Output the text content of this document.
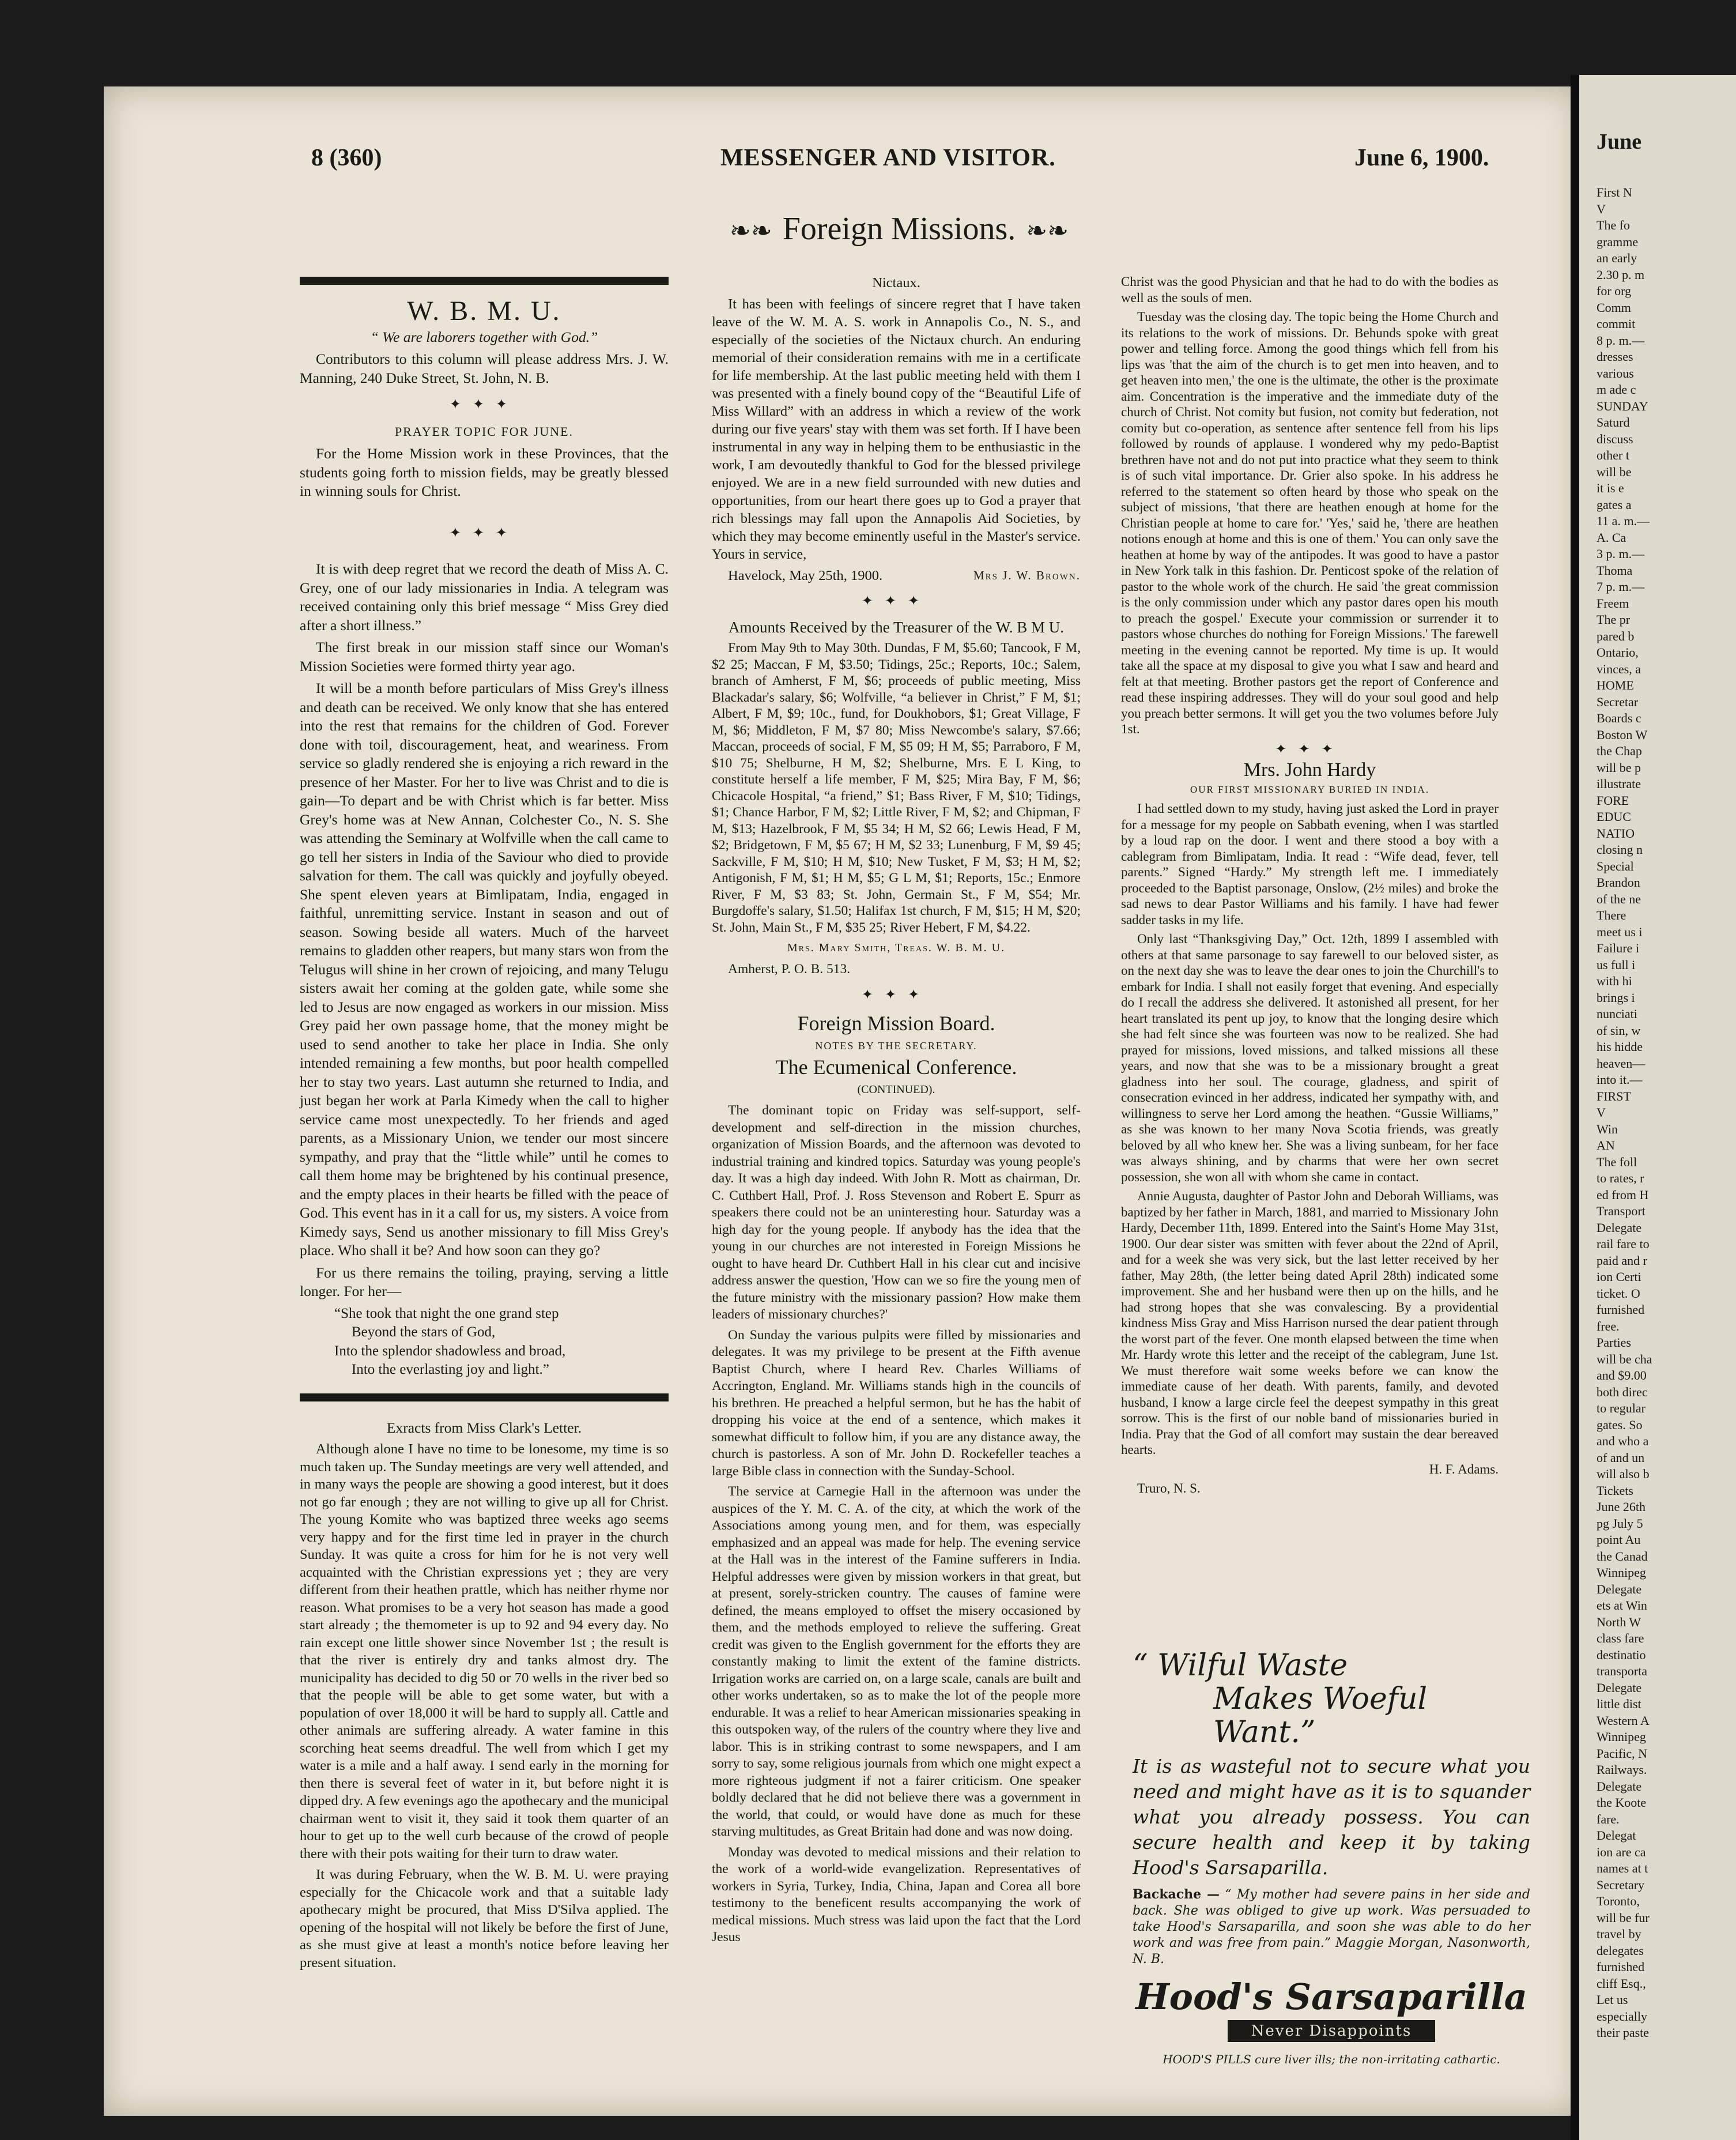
8 (360)	MESSENGER AND VISITOR.	June 6, 1900.
❧❧ Foreign Missions. ❧❧
W. B. M. U.

“ We are laborers together with God.”

Contributors to this column will please address Mrs. J. W. Manning, 240 Duke Street, St. John, N. B.

✦✦✦

PRAYER TOPIC FOR JUNE.

For the Home Mission work in these Provinces, that the students going forth to mission fields, may be greatly blessed in winning souls for Christ.

✦✦✦

It is with deep regret that we record the death of Miss A. C. Grey, one of our lady missionaries in India. A telegram was received containing only this brief message “ Miss Grey died after a short illness.”

The first break in our mission staff since our Woman's Mission Societies were formed thirty year ago.

It will be a month before particulars of Miss Grey's illness and death can be received. We only know that she has entered into the rest that remains for the children of God. Forever done with toil, discouragement, heat, and weariness. From service so gladly rendered she is enjoying a rich reward in the presence of her Master. For her to live was Christ and to die is gain—To depart and be with Christ which is far better. Miss Grey's home was at New Annan, Colchester Co., N. S. She was attending the Seminary at Wolfville when the call came to go tell her sisters in India of the Saviour who died to provide salvation for them. The call was quickly and joyfully obeyed. She spent eleven years at Bimlipatam, India, engaged in faithful, unremitting service. Instant in season and out of season. Sowing beside all waters. Much of the harveet remains to gladden other reapers, but many stars won from the Telugus will shine in her crown of rejoicing, and many Telugu sisters await her coming at the golden gate, while some she led to Jesus are now engaged as workers in our mission. Miss Grey paid her own passage home, that the money might be used to send another to take her place in India. She only intended remaining a few months, but poor health compelled her to stay two years. Last autumn she returned to India, and just began her work at Parla Kimedy when the call to higher service came most unexpectedly. To her friends and aged parents, as a Missionary Union, we tender our most sincere sympathy, and pray that the “little while” until he comes to call them home may be brightened by his continual presence, and the empty places in their hearts be filled with the peace of God. This event has in it a call for us, my sisters. A voice from Kimedy says, Send us another missionary to fill Miss Grey's place. Who shall it be? And how soon can they go?

For us there remains the toiling, praying, serving a little longer. For her—

“She took that night the one grand step
Beyond the stars of God,
Into the splendor shadowless and broad,
Into the everlasting joy and light.”

Exracts from Miss Clark's Letter.

Although alone I have no time to be lonesome, my time is so much taken up. The Sunday meetings are very well attended, and in many ways the people are showing a good interest, but it does not go far enough ; they are not willing to give up all for Christ. The young Komite who was baptized three weeks ago seems very happy and for the first time led in prayer in the church Sunday. It was quite a cross for him for he is not very well acquainted with the Christian expressions yet ; they are very different from their heathen prattle, which has neither rhyme nor reason. What promises to be a very hot season has made a good start already ; the themometer is up to 92 and 94 every day. No rain except one little shower since November 1st ; the result is that the river is entirely dry and tanks almost dry. The municipality has decided to dig 50 or 70 wells in the river bed so that the people will be able to get some water, but with a population of over 18,000 it will be hard to supply all. Cattle and other animals are suffering already. A water famine in this scorching heat seems dreadful. The well from which I get my water is a mile and a half away. I send early in the morning for then there is several feet of water in it, but before night it is dipped dry. A few evenings ago the apothecary and the municipal chairman went to visit it, they said it took them quarter of an hour to get up to the well curb because of the crowd of people there with their pots waiting for their turn to draw water.

It was during February, when the W. B. M. U. were praying especially for the Chicacole work and that a suitable lady apothecary might be procured, that Miss D'Silva applied. The opening of the hospital will not likely be before the first of June, as she must give at least a month's notice before leaving her present situation.

Nictaux.

It has been with feelings of sincere regret that I have taken leave of the W. M. A. S. work in Annapolis Co., N. S., and especially of the societies of the Nictaux church. An enduring memorial of their consideration remains with me in a certificate for life membership. At the last public meeting held with them I was presented with a finely bound copy of the “Beautiful Life of Miss Willard” with an address in which a review of the work during our five years' stay with them was set forth. If I have been instrumental in any way in helping them to be enthusiastic in the work, I am devoutedly thankful to God for the blessed privilege enjoyed. We are in a new field surrounded with new duties and opportunities, from our heart there goes up to God a prayer that rich blessings may fall upon the Annapolis Aid Societies, by which they may become eminently useful in the Master's service. Yours in service,

Havelock, May 25th, 1900.	Mrs J. W. Brown.
✦✦✦

Amounts Received by the Treasurer of the W. B M U.

From May 9th to May 30th. Dundas, F M, $5.60; Tancook, F M, $2 25; Maccan, F M, $3.50; Tidings, 25c.; Reports, 10c.; Salem, branch of Amherst, F M, $6; proceeds of public meeting, Miss Blackadar's salary, $6; Wolfville, “a believer in Christ,” F M, $1; Albert, F M, $9; 10c., fund, for Doukhobors, $1; Great Village, F M, $6; Middleton, F M, $7 80; Miss Newcombe's salary, $7.66; Maccan, proceeds of social, F M, $5 09; H M, $5; Parraboro, F M, $10 75; Shelburne, H M, $2; Shelburne, Mrs. E L King, to constitute herself a life member, F M, $25; Mira Bay, F M, $6; Chicacole Hospital, “a friend,” $1; Bass River, F M, $10; Tidings, $1; Chance Harbor, F M, $2; Little River, F M, $2; and Chipman, F M, $13; Hazelbrook, F M, $5 34; H M, $2 66; Lewis Head, F M, $2; Bridgetown, F M, $5 67; H M, $2 33; Lunenburg, F M, $9 45; Sackville, F M, $10; H M, $10; New Tusket, F M, $3; H M, $2; Antigonish, F M, $1; H M, $5; G L M, $1; Reports, 15c.; Enmore River, F M, $3 83; St. John, Germain St., F M, $54; Mr. Burgdoffe's salary, $1.50; Halifax 1st church, F M, $15; H M, $20; St. John, Main St., F M, $35 25; River Hebert, F M, $4.22.

Mrs. Mary Smith, Treas. W. B. M. U.

Amherst, P. O. B. 513.

✦✦✦
Foreign Mission Board.

NOTES BY THE SECRETARY.

The Ecumenical Conference.

(CONTINUED).

The dominant topic on Friday was self-support, self-development and self-direction in the mission churches, organization of Mission Boards, and the afternoon was devoted to industrial training and kindred topics. Saturday was young people's day. It was a high day indeed. With John R. Mott as chairman, Dr. C. Cuthbert Hall, Prof. J. Ross Stevenson and Robert E. Spurr as speakers there could not be an uninteresting hour. Saturday was a high day for the young people. If anybody has the idea that the young in our churches are not interested in Foreign Missions he ought to have heard Dr. Cuthbert Hall in his clear cut and incisive address answer the question, 'How can we so fire the young men of the future ministry with the missionary passion? How make them leaders of missionary churches?'

On Sunday the various pulpits were filled by missionaries and delegates. It was my privilege to be present at the Fifth avenue Baptist Church, where I heard Rev. Charles Williams of Accrington, England. Mr. Williams stands high in the councils of his brethren. He preached a helpful sermon, but he has the habit of dropping his voice at the end of a sentence, which makes it somewhat difficult to follow him, if you are any distance away, the church is pastorless. A son of Mr. John D. Rockefeller teaches a large Bible class in connection with the Sunday-School.

The service at Carnegie Hall in the afternoon was under the auspices of the Y. M. C. A. of the city, at which the work of the Associations among young men, and for them, was especially emphasized and an appeal was made for help. The evening service at the Hall was in the interest of the Famine sufferers in India. Helpful addresses were given by mission workers in that great, but at present, sorely-stricken country. The causes of famine were defined, the means employed to offset the misery occasioned by them, and the methods employed to relieve the suffering. Great credit was given to the English government for the efforts they are constantly making to limit the extent of the famine districts. Irrigation works are carried on, on a large scale, canals are built and other works undertaken, so as to make the lot of the people more endurable. It was a relief to hear American missionaries speaking in this outspoken way, of the rulers of the country where they live and labor. This is in striking contrast to some newspapers, and I am sorry to say, some religious journals from which one might expect a more righteous judgment if not a fairer criticism. One speaker boldly declared that he did not believe there was a government in the world, that could, or would have done as much for these starving multitudes, as Great Britain had done and was now doing.

Monday was devoted to medical missions and their relation to the work of a world-wide evangelization. Representatives of workers in Syria, Turkey, India, China, Japan and Corea all bore testimony to the beneficent results accompanying the work of medical missions. Much stress was laid upon the fact that the Lord Jesus

Christ was the good Physician and that he had to do with the bodies as well as the souls of men.

Tuesday was the closing day. The topic being the Home Church and its relations to the work of missions. Dr. Behunds spoke with great power and telling force. Among the good things which fell from his lips was 'that the aim of the church is to get men into heaven, and to get heaven into men,' the one is the ultimate, the other is the proximate aim. Concentration is the imperative and the immediate duty of the church of Christ. Not comity but fusion, not comity but federation, not comity but co-operation, as sentence after sentence fell from his lips followed by rounds of applause. I wondered why my pedo-Baptist brethren have not and do not put into practice what they seem to think is of such vital importance. Dr. Grier also spoke. In his address he referred to the statement so often heard by those who speak on the subject of missions, 'that there are heathen enough at home for the Christian people at home to care for.' 'Yes,' said he, 'there are heathen notions enough at home and this is one of them.' You can only save the heathen at home by way of the antipodes. It was good to have a pastor in New York talk in this fashion. Dr. Penticost spoke of the relation of pastor to the whole work of the church. He said 'the great commission is the only commission under which any pastor dares open his mouth to preach the gospel.' Execute your commission or surrender it to pastors whose churches do nothing for Foreign Missions.' The farewell meeting in the evening cannot be reported. My time is up. It would take all the space at my disposal to give you what I saw and heard and felt at that meeting. Brother pastors get the report of Conference and read these inspiring addresses. They will do your soul good and help you preach better sermons. It will get you the two volumes before July 1st.

✦✦✦
Mrs. John Hardy

OUR FIRST MISSIONARY BURIED IN INDIA.

I had settled down to my study, having just asked the Lord in prayer for a message for my people on Sabbath evening, when I was startled by a loud rap on the door. I went and there stood a boy with a cablegram from Bimlipatam, India. It read : “Wife dead, fever, tell parents.” Signed “Hardy.” My strength left me. I immediately proceeded to the Baptist parsonage, Onslow, (2½ miles) and broke the sad news to dear Pastor Williams and his family. I have had fewer sadder tasks in my life.

Only last “Thanksgiving Day,” Oct. 12th, 1899 I assembled with others at that same parsonage to say farewell to our beloved sister, as on the next day she was to leave the dear ones to join the Churchill's to embark for India. I shall not easily forget that evening. And especially do I recall the address she delivered. It astonished all present, for her heart translated its pent up joy, to know that the longing desire which she had felt since she was fourteen was now to be realized. She had prayed for missions, loved missions, and talked missions all these years, and now that she was to be a missionary brought a great gladness into her soul. The courage, gladness, and spirit of consecration evinced in her address, indicated her sympathy with, and willingness to serve her Lord among the heathen. “Gussie Williams,” as she was known to her many Nova Scotia friends, was greatly beloved by all who knew her. She was a living sunbeam, for her face was always shining, and by charms that were her own secret possession, she won all with whom she came in contact.

Annie Augusta, daughter of Pastor John and Deborah Williams, was baptized by her father in March, 1881, and married to Missionary John Hardy, December 11th, 1899. Entered into the Saint's Home May 31st, 1900. Our dear sister was smitten with fever about the 22nd of April, and for a week she was very sick, but the last letter received by her father, May 28th, (the letter being dated April 28th) indicated some improvement. She and her husband were then up on the hills, and he had strong hopes that she was convalescing. By a providential kindness Miss Gray and Miss Harrison nursed the dear patient through the worst part of the fever. One month elapsed between the time when Mr. Hardy wrote this letter and the receipt of the cablegram, June 1st. We must therefore wait some weeks before we can know the immediate cause of her death. With parents, family, and devoted husband, I know a large circle feel the deepest sympathy in this great sorrow. This is the first of our noble band of missionaries buried in India. Pray that the God of all comfort may sustain the dear bereaved hearts.

H. F. Adams.

Truro, N. S.

“ Wilful Waste
Makes Woeful Want.”
It is as wasteful not to secure what you need and might have as it is to squander what you already possess. You can secure health and keep it by taking Hood's Sarsaparilla.
Backache — “ My mother had severe pains in her side and back. She was obliged to give up work. Was persuaded to take Hood's Sarsaparilla, and soon she was able to do her work and was free from pain.” Maggie Morgan, Nasonworth, N. B.
Hood's Sarsaparilla
Never Disappoints
HOOD'S PILLS cure liver ills; the non-irritating cathartic.
June
First N
V
The fo
gramme
an early
2.30 p. m
for org
Comm
commit
8 p. m.—
dresses
various
m ade c
SUNDAY
Saturd
discuss
other t
will be
it is e
gates a
11 a. m.—
A. Ca
3 p. m.—
Thoma
7 p. m.—
Freem
The pr
pared b
Ontario,
vinces, a
HOME
Secretar
Boards c
Boston W
the Chap
will be p
illustrate
FORE
EDUC
NATIO
closing n
Special
Brandon
of the ne
There
meet us i
Failure i
us full i
with hi
brings i
nunciati
of sin, w
his hidde
heaven—
into it.—
FIRST
V
Win
AN
The foll
to rates, r
ed from H
Transport
Delegate
rail fare to
paid and r
ion Certi
ticket. O
furnished
free.
Parties
will be cha
and $9.00
both direc
to regular
gates. So
and who a
of and un
will also b
Tickets
June 26th
pg July 5
point Au
the Canad
Winnipeg
Delegate
ets at Win
North W
class fare
destinatio
transporta
Delegate
little dist
Western A
Winnipeg
Pacific, N
Railways.
Delegate
the Koote
fare.
Delegat
ion are ca
names at t
Secretary
Toronto,
will be fur
travel by
delegates
furnished
cliff Esq.,
Let us
especially
their paste
